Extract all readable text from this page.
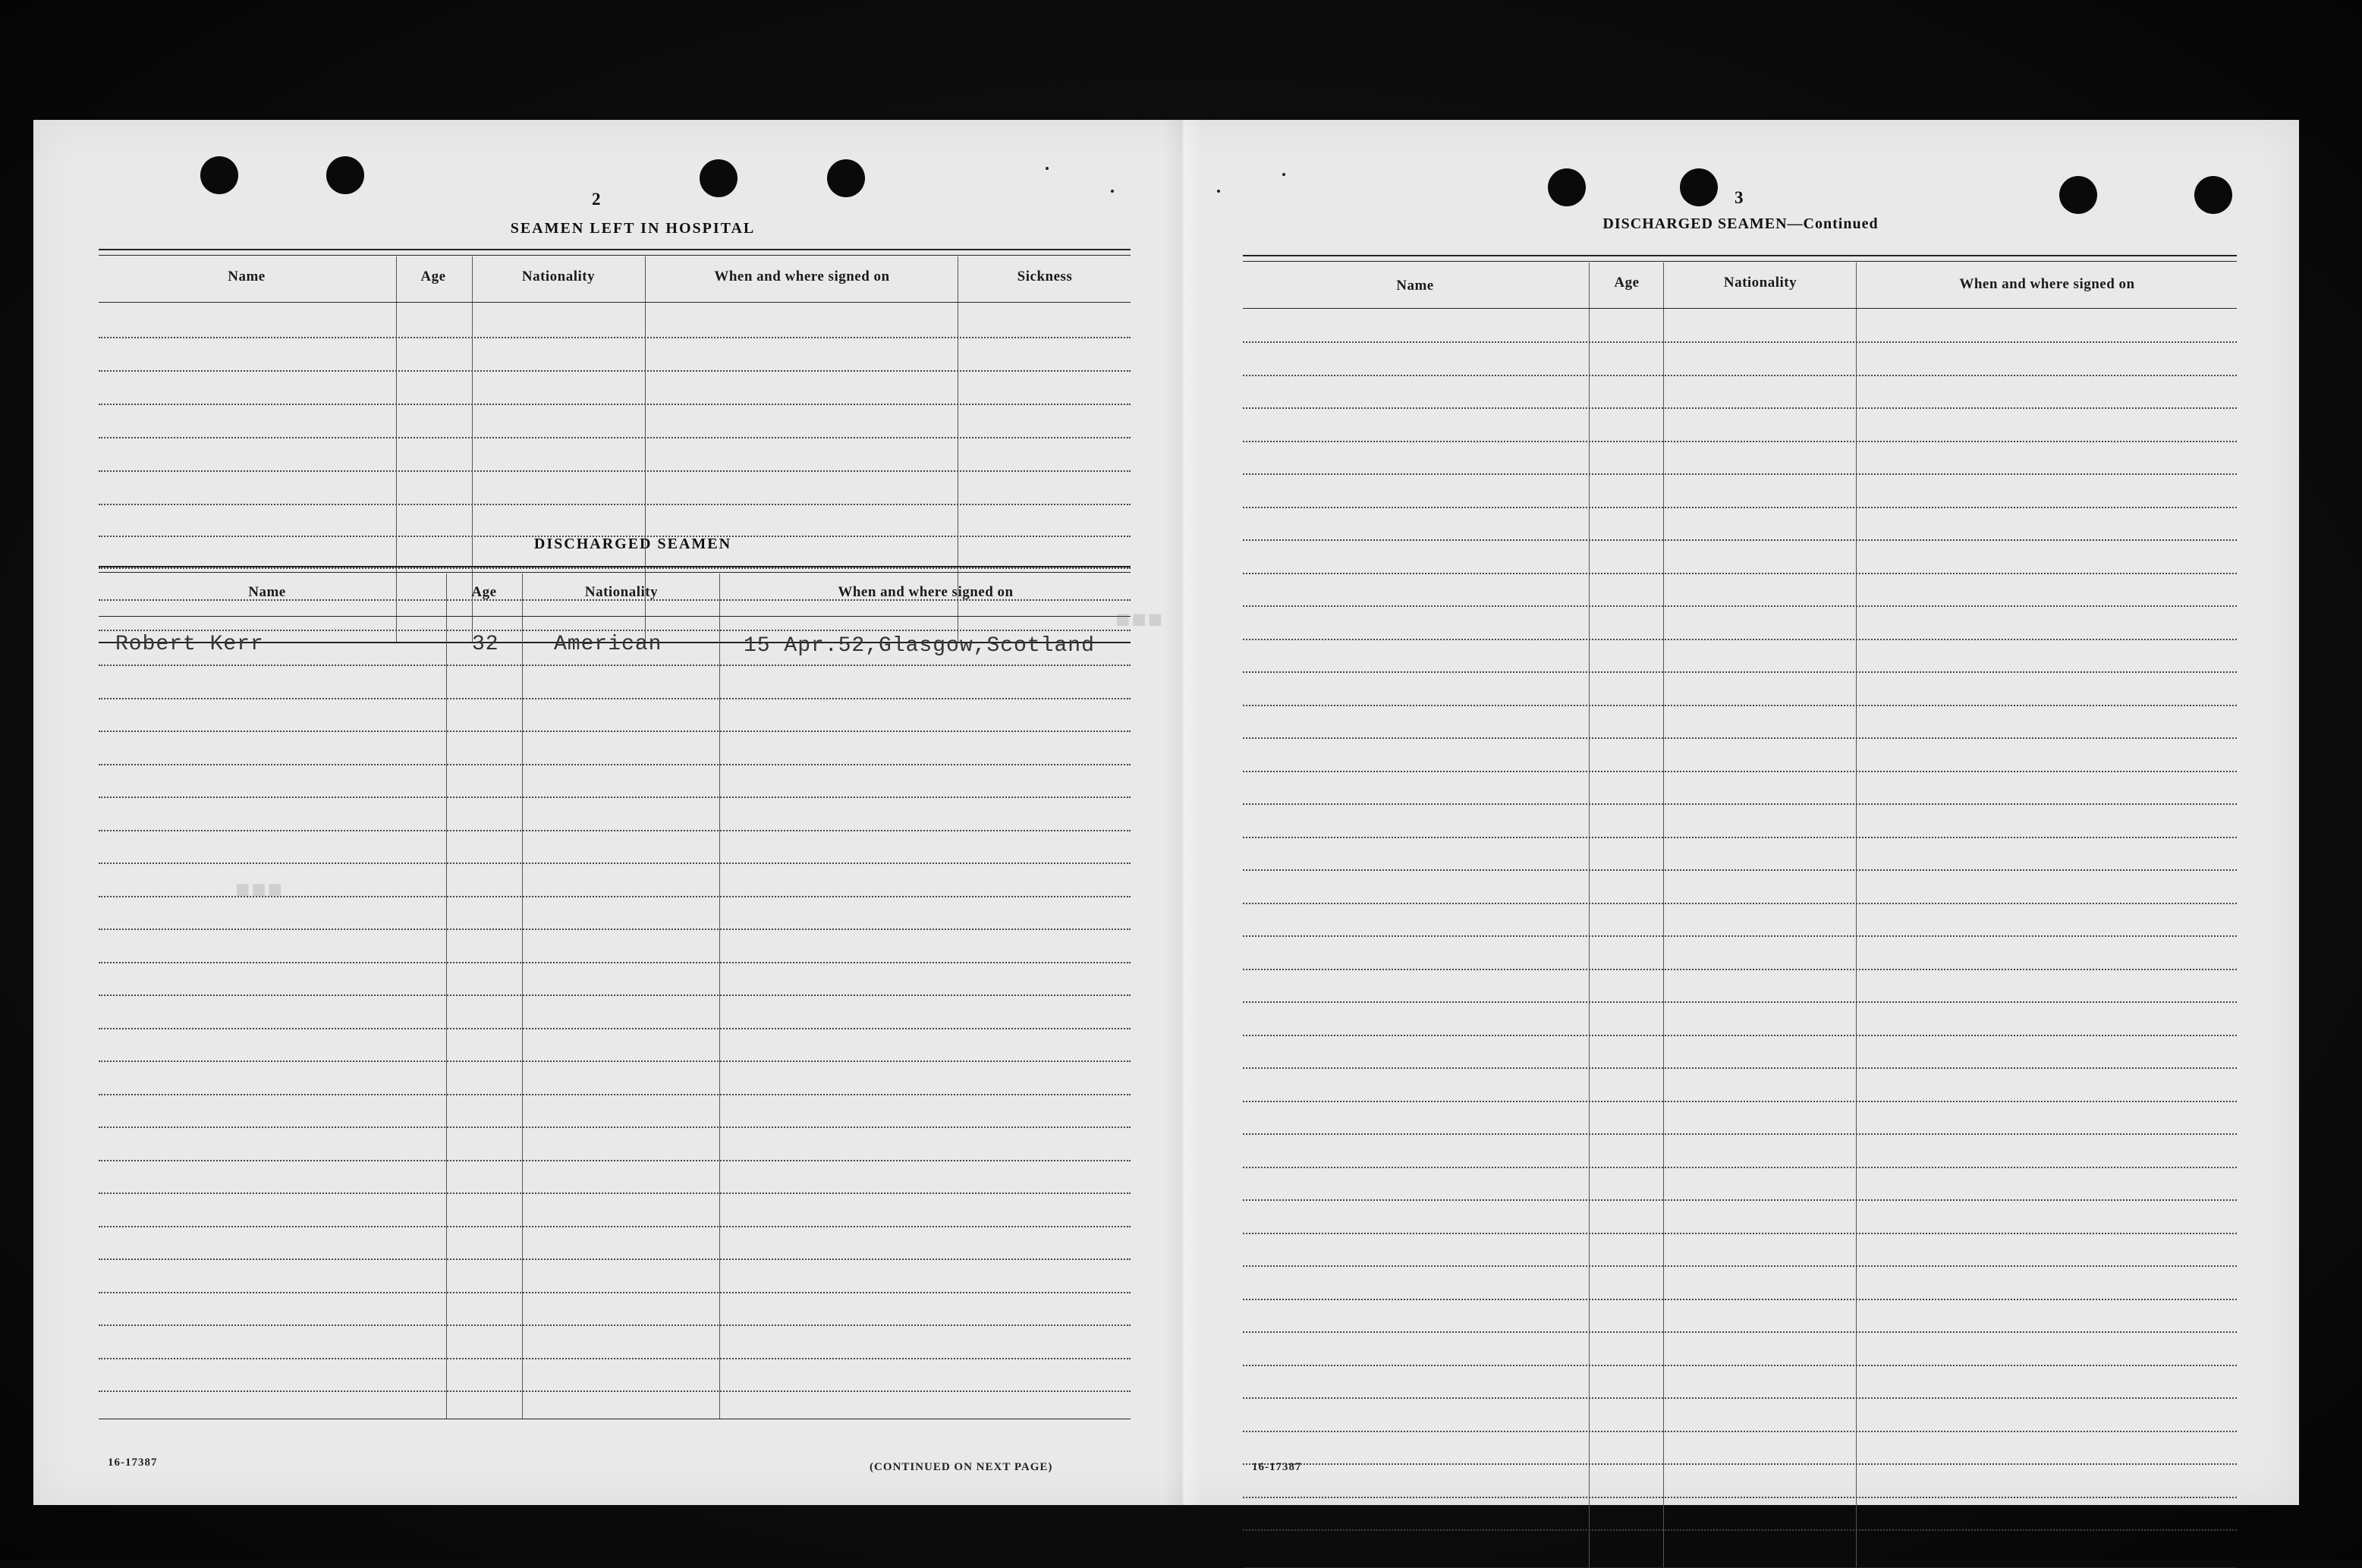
2
SEAMEN LEFT IN HOSPITAL
Name	Age	Nationality	When and where signed on	Sickness
DISCHARGED SEAMEN
Name	Age	Nationality	When and where signed on
Robert Kerr	32	American	15 Apr.52,Glasgow,Scotland
■■■
■■■
16-17387	(CONTINUED ON NEXT PAGE)
3
DISCHARGED SEAMEN—Continued
Name	Age	Nationality	When and where signed on
16-17387
